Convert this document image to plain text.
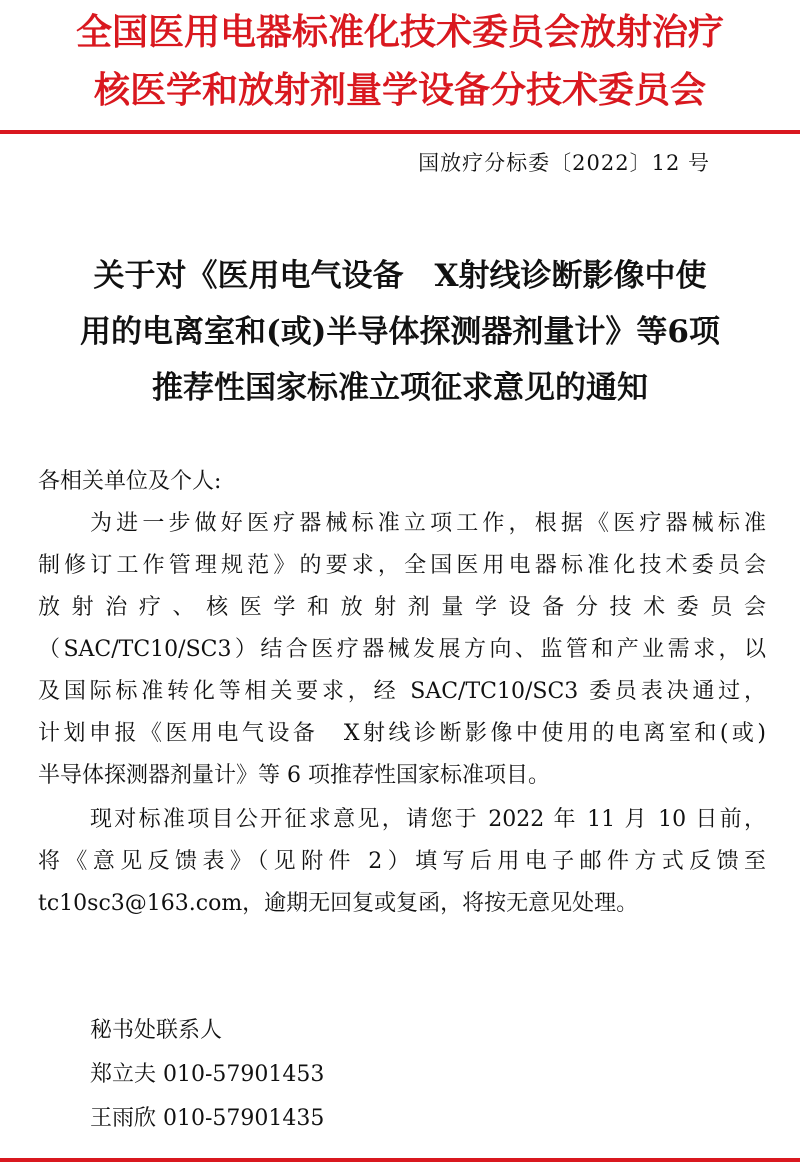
全国医用电器标准化技术委员会放射治疗
核医学和放射剂量学设备分技术委员会
国放疗分标委〔2022〕12 号
关于对《医用电气设备　X射线诊断影像中使
用的电离室和(或)半导体探测器剂量计》等6项
推荐性国家标准立项征求意见的通知
各相关单位及个人:
为进一步做好医疗器械标准立项工作，根据《医疗器械标准
制修订工作管理规范》的要求，全国医用电器标准化技术委员会
放射治疗、核医学和放射剂量学设备分技术委员会
（SAC/TC10/SC3）结合医疗器械发展方向、监管和产业需求，以
及国际标准转化等相关要求，经 SAC/TC10/SC3 委员表决通过，
计划申报《医用电气设备　X射线诊断影像中使用的电离室和(或)
半导体探测器剂量计》等 6 项推荐性国家标准项目。
现对标准项目公开征求意见，请您于 2022 年 11 月 10 日前，
将《意见反馈表》（见附件 2）填写后用电子邮件方式反馈至
tc10sc3@163.com，逾期无回复或复函，将按无意见处理。
秘书处联系人
郑立夫 010-57901453
王雨欣 010-57901435
